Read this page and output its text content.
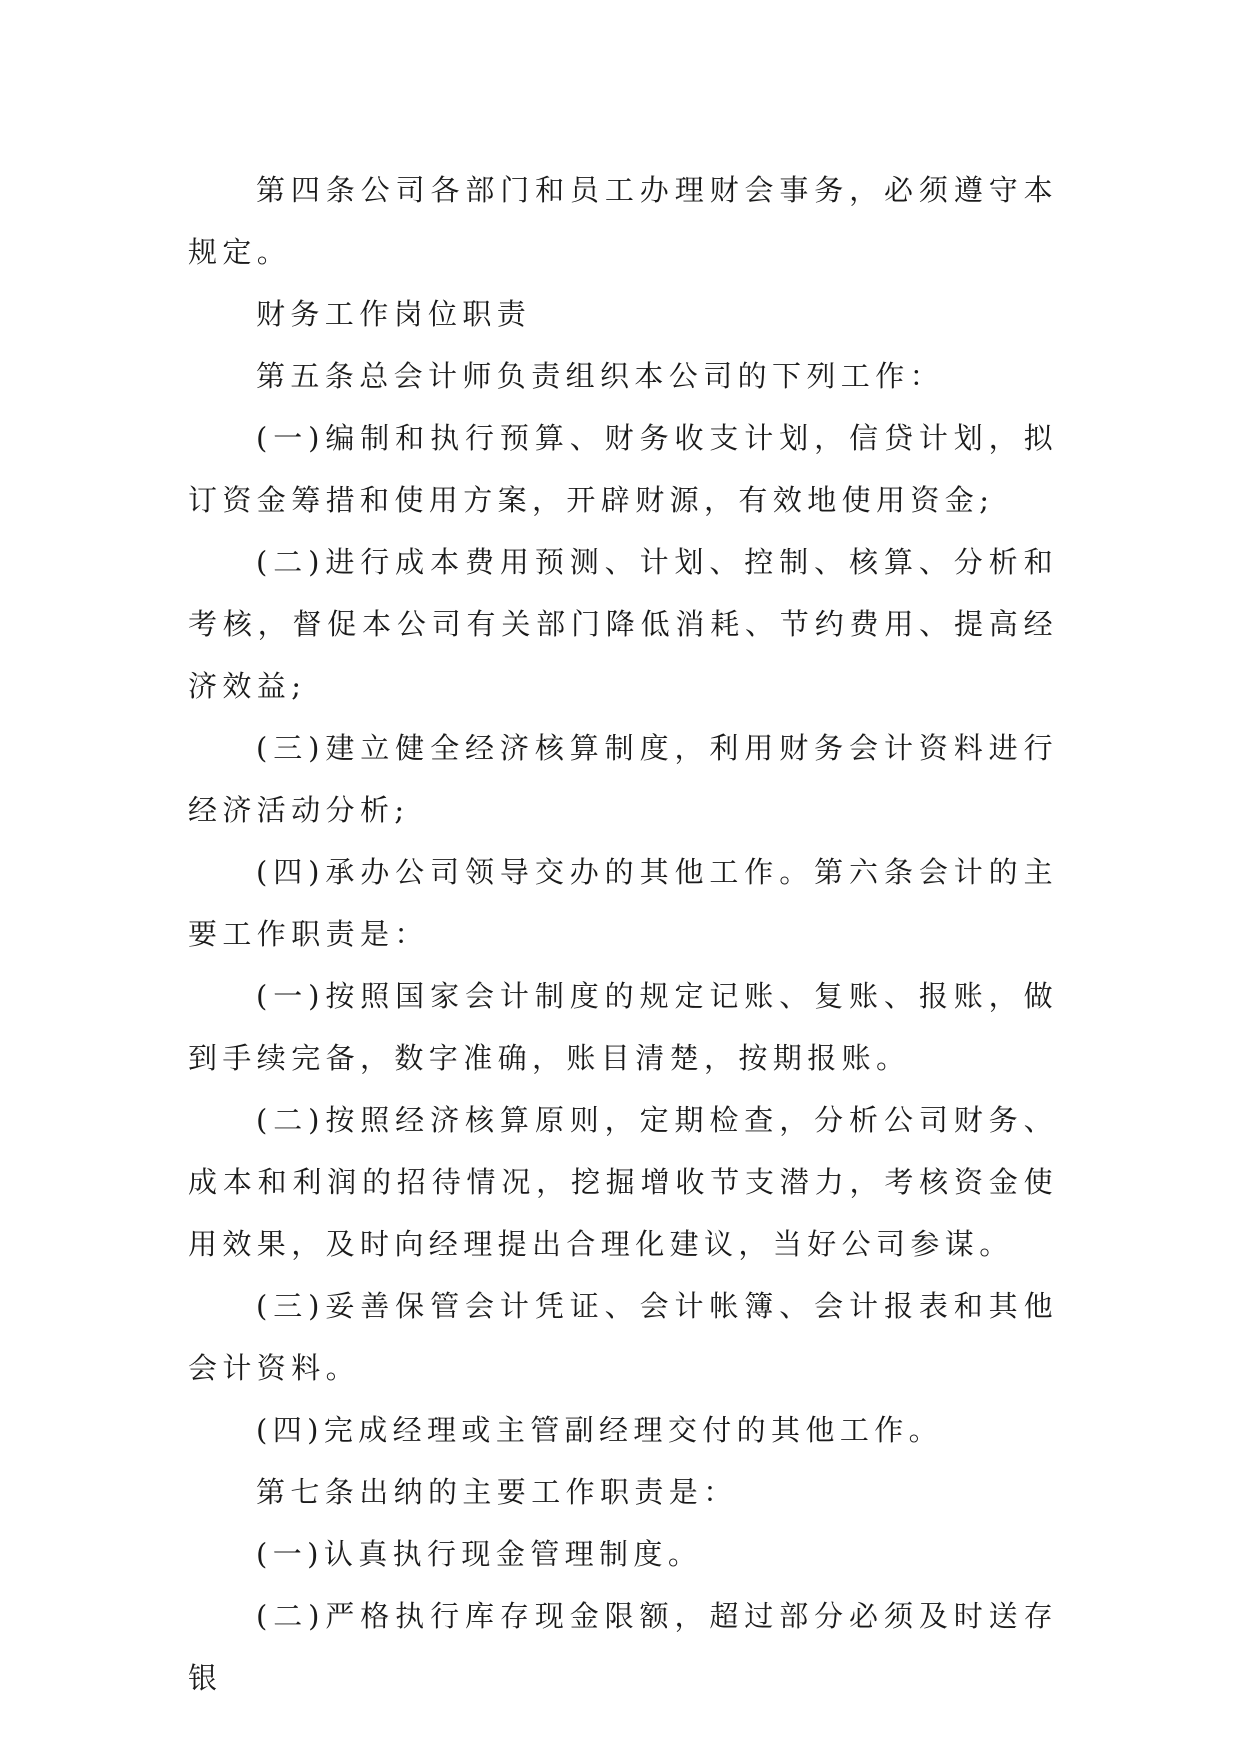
第四条公司各部门和员工办理财会事务，必须遵守本规定。

财务工作岗位职责

第五条总会计师负责组织本公司的下列工作：

(一)编制和执行预算、财务收支计划，信贷计划，拟订资金筹措和使用方案，开辟财源，有效地使用资金;

(二)进行成本费用预测、计划、控制、核算、分析和考核，督促本公司有关部门降低消耗、节约费用、提高经济效益;

(三)建立健全经济核算制度，利用财务会计资料进行经济活动分析;

(四)承办公司领导交办的其他工作。第六条会计的主要工作职责是：

(一)按照国家会计制度的规定记账、复账、报账，做到手续完备，数字准确，账目清楚，按期报账。

(二)按照经济核算原则，定期检查，分析公司财务、成本和利润的招待情况，挖掘增收节支潜力，考核资金使用效果，及时向经理提出合理化建议，当好公司参谋。

(三)妥善保管会计凭证、会计帐簿、会计报表和其他会计资料。

(四)完成经理或主管副经理交付的其他工作。

第七条出纳的主要工作职责是：

(一)认真执行现金管理制度。

(二)严格执行库存现金限额，超过部分必须及时送存银
